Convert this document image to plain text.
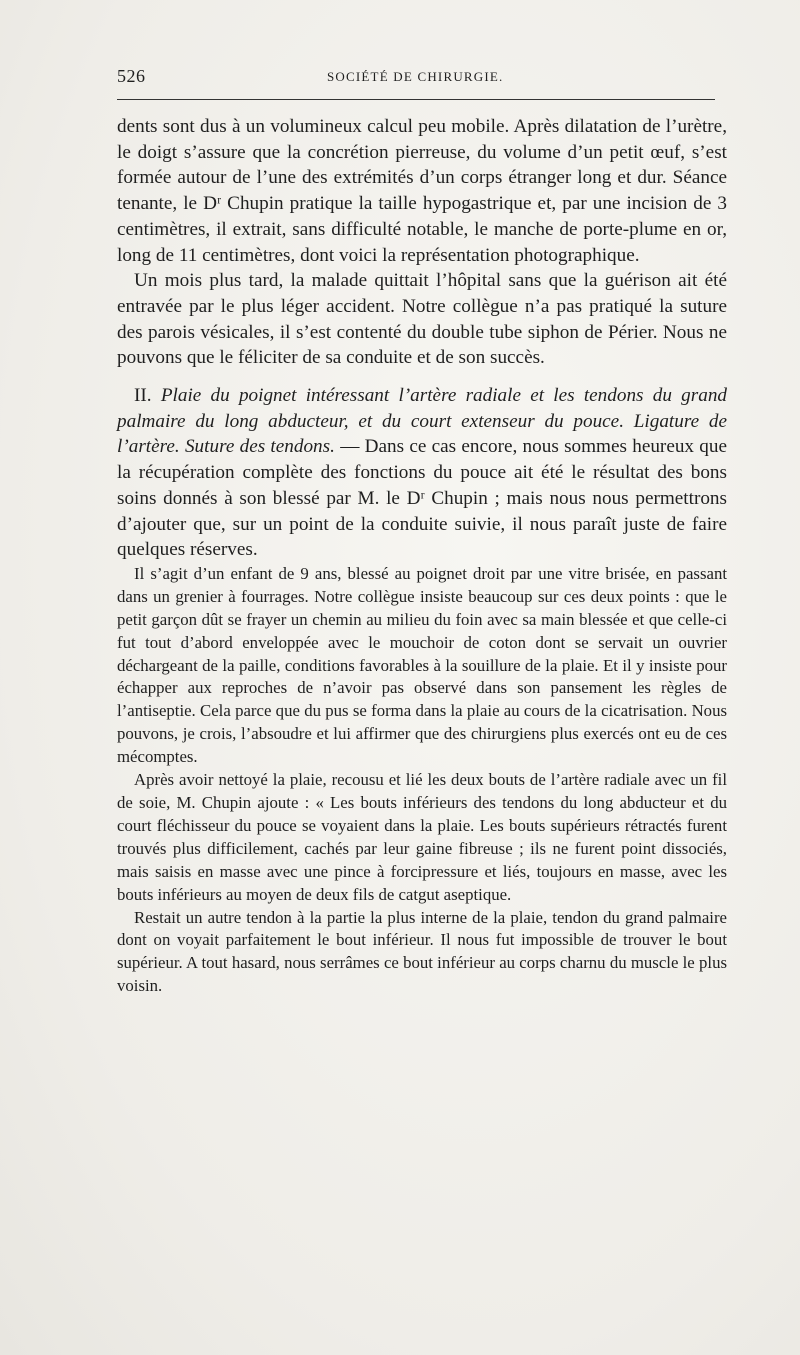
526	SOCIÉTÉ DE CHIRURGIE.

dents sont dus à un volumineux calcul peu mobile. Après dilatation de l’urètre, le doigt s’assure que la concrétion pierreuse, du volume d’un petit œuf, s’est formée autour de l’une des extrémités d’un corps étranger long et dur. Séance tenante, le Dʳ Chupin pratique la taille hypogastrique et, par une incision de 3 centimètres, il extrait, sans difficulté notable, le manche de porte-plume en or, long de 11 centimètres, dont voici la représentation photographique.

Un mois plus tard, la malade quittait l’hôpital sans que la guérison ait été entravée par le plus léger accident. Notre collègue n’a pas pratiqué la suture des parois vésicales, il s’est contenté du double tube siphon de Périer. Nous ne pouvons que le féliciter de sa conduite et de son succès.

II. Plaie du poignet intéressant l’artère radiale et les tendons du grand palmaire du long abducteur, et du court extenseur du pouce. Ligature de l’artère. Suture des tendons. — Dans ce cas encore, nous sommes heureux que la récupération complète des fonctions du pouce ait été le résultat des bons soins donnés à son blessé par M. le Dʳ Chupin ; mais nous nous permettrons d’ajouter que, sur un point de la conduite suivie, il nous paraît juste de faire quelques réserves.

Il s’agit d’un enfant de 9 ans, blessé au poignet droit par une vitre brisée, en passant dans un grenier à fourrages. Notre collègue insiste beaucoup sur ces deux points : que le petit garçon dût se frayer un chemin au milieu du foin avec sa main blessée et que celle-ci fut tout d’abord enveloppée avec le mouchoir de coton dont se servait un ouvrier déchargeant de la paille, conditions favorables à la souillure de la plaie. Et il y insiste pour échapper aux reproches de n’avoir pas observé dans son pansement les règles de l’antiseptie. Cela parce que du pus se forma dans la plaie au cours de la cicatrisation. Nous pouvons, je crois, l’absoudre et lui affirmer que des chirurgiens plus exercés ont eu de ces mécomptes.

Après avoir nettoyé la plaie, recousu et lié les deux bouts de l’artère radiale avec un fil de soie, M. Chupin ajoute : « Les bouts inférieurs des tendons du long abducteur et du court fléchisseur du pouce se voyaient dans la plaie. Les bouts supérieurs rétractés furent trouvés plus difficilement, cachés par leur gaine fibreuse ; ils ne furent point dissociés, mais saisis en masse avec une pince à forcipressure et liés, toujours en masse, avec les bouts inférieurs au moyen de deux fils de catgut aseptique.

Restait un autre tendon à la partie la plus interne de la plaie, tendon du grand palmaire dont on voyait parfaitement le bout inférieur. Il nous fut impossible de trouver le bout supérieur. A tout hasard, nous serrâmes ce bout inférieur au corps charnu du muscle le plus voisin.
